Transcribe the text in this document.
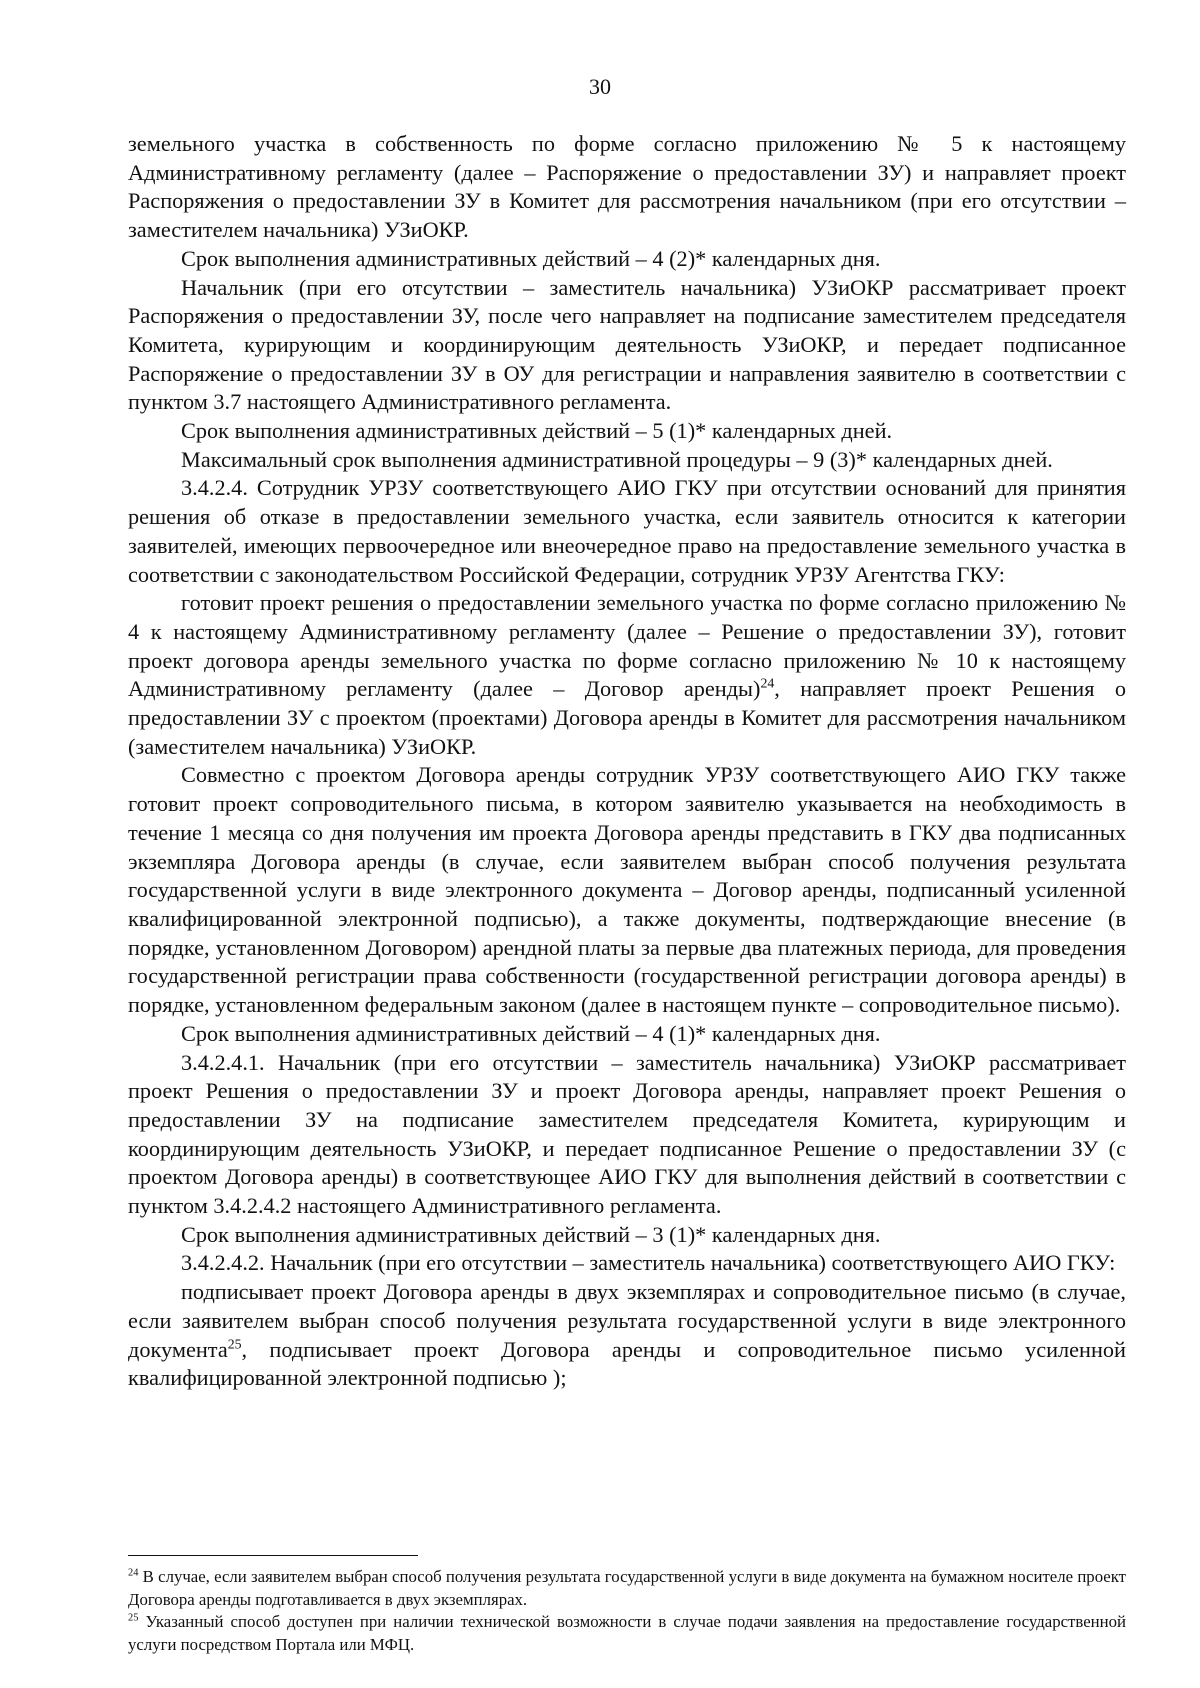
30

земельного участка в собственность по форме согласно приложению № 5 к настоящему Административному регламенту (далее – Распоряжение о предоставлении ЗУ) и направляет проект Распоряжения о предоставлении ЗУ в Комитет для рассмотрения начальником (при его отсутствии – заместителем начальника) УЗиОКР.

Срок выполнения административных действий – 4 (2)* календарных дня.

Начальник (при его отсутствии – заместитель начальника) УЗиОКР рассматривает проект Распоряжения о предоставлении ЗУ, после чего направляет на подписание заместителем председателя Комитета, курирующим и координирующим деятельность УЗиОКР, и передает подписанное Распоряжение о предоставлении ЗУ в ОУ для регистрации и направления заявителю в соответствии с пунктом 3.7 настоящего Административного регламента.

Срок выполнения административных действий – 5 (1)* календарных дней.

Максимальный срок выполнения административной процедуры – 9 (3)* календарных дней.

3.4.2.4. Сотрудник УРЗУ соответствующего АИО ГКУ при отсутствии оснований для принятия решения об отказе в предоставлении земельного участка, если заявитель относится к категории заявителей, имеющих первоочередное или внеочередное право на предоставление земельного участка в соответствии с законодательством Российской Федерации, сотрудник УРЗУ Агентства ГКУ:

готовит проект решения о предоставлении земельного участка по форме согласно приложению № 4 к настоящему Административному регламенту (далее – Решение о предоставлении ЗУ), готовит проект договора аренды земельного участка по форме согласно приложению № 10 к настоящему Административному регламенту (далее – Договор аренды)$^{24}$, направляет проект Решения о предоставлении ЗУ с проектом (проектами) Договора аренды в Комитет для рассмотрения начальником (заместителем начальника) УЗиОКР.

Совместно с проектом Договора аренды сотрудник УРЗУ соответствующего АИО ГКУ также готовит проект сопроводительного письма, в котором заявителю указывается на необходимость в течение 1 месяца со дня получения им проекта Договора аренды представить в ГКУ два подписанных экземпляра Договора аренды (в случае, если заявителем выбран способ получения результата государственной услуги в виде электронного документа – Договор аренды, подписанный усиленной квалифицированной электронной подписью), а также документы, подтверждающие внесение (в порядке, установленном Договором) арендной платы за первые два платежных периода, для проведения государственной регистрации права собственности (государственной регистрации договора аренды) в порядке, установленном федеральным законом (далее в настоящем пункте – сопроводительное письмо).

Срок выполнения административных действий – 4 (1)* календарных дня.

3.4.2.4.1. Начальник (при его отсутствии – заместитель начальника) УЗиОКР рассматривает проект Решения о предоставлении ЗУ и проект Договора аренды, направляет проект Решения о предоставлении ЗУ на подписание заместителем председателя Комитета, курирующим и координирующим деятельность УЗиОКР, и передает подписанное Решение о предоставлении ЗУ (с проектом Договора аренды) в соответствующее АИО ГКУ для выполнения действий в соответствии с пунктом 3.4.2.4.2 настоящего Административного регламента.

Срок выполнения административных действий – 3 (1)* календарных дня.

3.4.2.4.2. Начальник (при его отсутствии – заместитель начальника) соответствующего АИО ГКУ:

подписывает проект Договора аренды в двух экземплярах и сопроводительное письмо (в случае, если заявителем выбран способ получения результата государственной услуги в виде электронного документа$^{25}$, подписывает проект Договора аренды и сопроводительное письмо усиленной квалифицированной электронной подписью );

$^{24}$ В случае, если заявителем выбран способ получения результата государственной услуги в виде документа на бумажном носителе проект Договора аренды подготавливается в двух экземплярах.

$^{25}$ Указанный способ доступен при наличии технической возможности в случае подачи заявления на предоставление государственной услуги посредством Портала или МФЦ.
